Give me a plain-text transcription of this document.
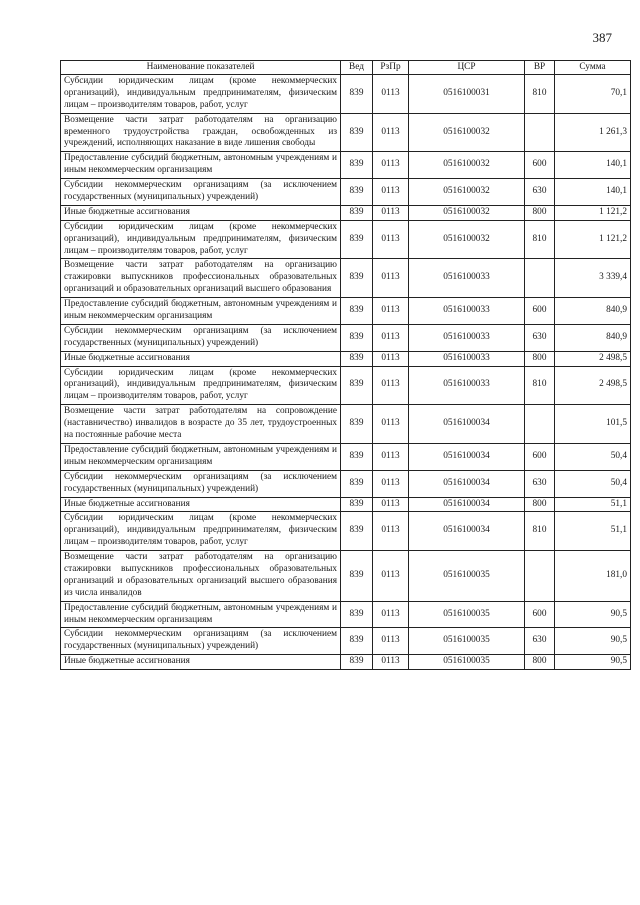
387
Наименование показателей	Вед	РзПр	ЦСР	ВР	Сумма
Субсидии юридическим лицам (кроме некоммерческих организаций), индивидуальным предпринимателям, физическим лицам – производителям товаров, работ, услуг	839	0113	0516100031	810	70,1
Возмещение части затрат работодателям на организацию временного трудоустройства граждан, освобожденных из учреждений, исполняющих наказание в виде лишения свободы	839	0113	0516100032		1 261,3
Предоставление субсидий бюджетным, автономным учреждениям и иным некоммерческим организациям	839	0113	0516100032	600	140,1
Субсидии некоммерческим организациям (за исключением государственных (муниципальных) учреждений)	839	0113	0516100032	630	140,1
Иные бюджетные ассигнования	839	0113	0516100032	800	1 121,2
Субсидии юридическим лицам (кроме некоммерческих организаций), индивидуальным предпринимателям, физическим лицам – производителям товаров, работ, услуг	839	0113	0516100032	810	1 121,2
Возмещение части затрат работодателям на организацию стажировки выпускников профессиональных образовательных организаций и образовательных организаций высшего образования	839	0113	0516100033		3 339,4
Предоставление субсидий бюджетным, автономным учреждениям и иным некоммерческим организациям	839	0113	0516100033	600	840,9
Субсидии некоммерческим организациям (за исключением государственных (муниципальных) учреждений)	839	0113	0516100033	630	840,9
Иные бюджетные ассигнования	839	0113	0516100033	800	2 498,5
Субсидии юридическим лицам (кроме некоммерческих организаций), индивидуальным предпринимателям, физическим лицам – производителям товаров, работ, услуг	839	0113	0516100033	810	2 498,5
Возмещение части затрат работодателям на сопровождение (наставничество) инвалидов в возрасте до 35 лет, трудоустроенных на постоянные рабочие места	839	0113	0516100034		101,5
Предоставление субсидий бюджетным, автономным учреждениям и иным некоммерческим организациям	839	0113	0516100034	600	50,4
Субсидии некоммерческим организациям (за исключением государственных (муниципальных) учреждений)	839	0113	0516100034	630	50,4
Иные бюджетные ассигнования	839	0113	0516100034	800	51,1
Субсидии юридическим лицам (кроме некоммерческих организаций), индивидуальным предпринимателям, физическим лицам – производителям товаров, работ, услуг	839	0113	0516100034	810	51,1
Возмещение части затрат работодателям на организацию стажировки выпускников профессиональных образовательных организаций и образовательных организаций высшего образования из числа инвалидов	839	0113	0516100035		181,0
Предоставление субсидий бюджетным, автономным учреждениям и иным некоммерческим организациям	839	0113	0516100035	600	90,5
Субсидии некоммерческим организациям (за исключением государственных (муниципальных) учреждений)	839	0113	0516100035	630	90,5
Иные бюджетные ассигнования	839	0113	0516100035	800	90,5
